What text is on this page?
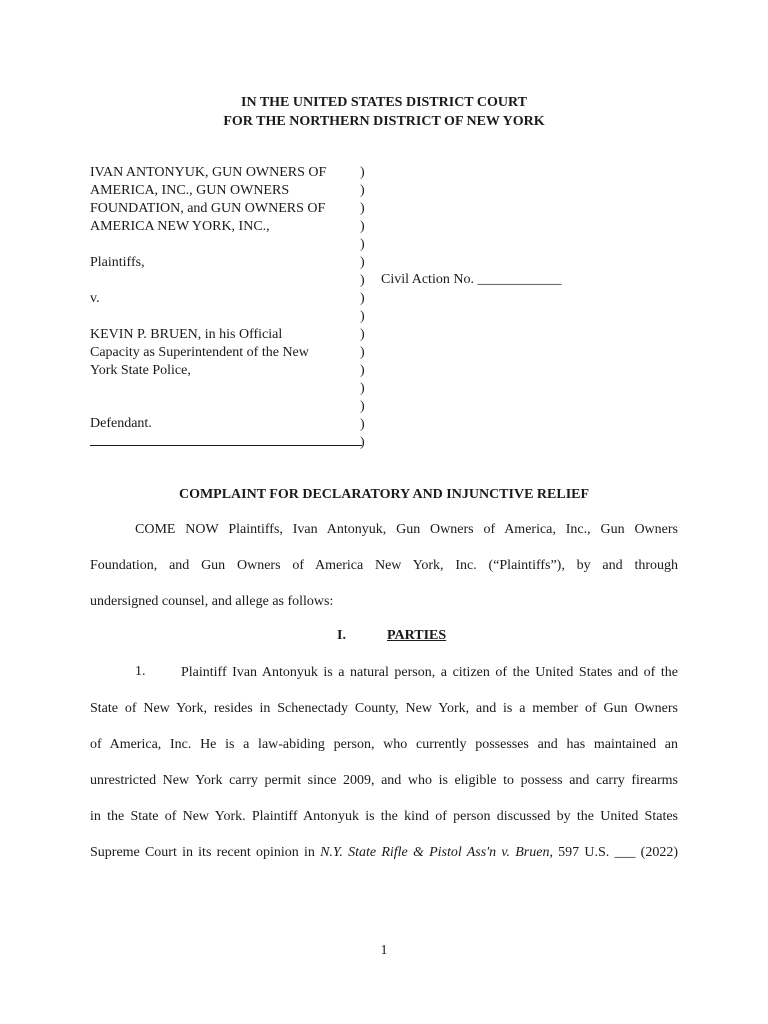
IN THE UNITED STATES DISTRICT COURT
FOR THE NORTHERN DISTRICT OF NEW YORK
IVAN ANTONYUK, GUN OWNERS OF
AMERICA, INC., GUN OWNERS
FOUNDATION, and GUN OWNERS OF
AMERICA NEW YORK, INC.,
Plaintiffs,
v.
KEVIN P. BRUEN, in his Official
Capacity as Superintendent of the New
York State Police,
Defendant.
)
)
)
)
)
)
)
)
)
)
)
)
)
)
)
)
Civil Action No. ____________
COMPLAINT FOR DECLARATORY AND INJUNCTIVE RELIEF
COME NOW Plaintiffs, Ivan Antonyuk, Gun Owners of America, Inc., Gun Owners
Foundation, and Gun Owners of America New York, Inc. (“Plaintiffs”), by and through
undersigned counsel, and allege as follows:
I.	PARTIES
1.	Plaintiff Ivan Antonyuk is a natural person, a citizen of the United States and of the
State of New York, resides in Schenectady County, New York, and is a member of Gun Owners
of America, Inc. He is a law-abiding person, who currently possesses and has maintained an
unrestricted New York carry permit since 2009, and who is eligible to possess and carry firearms
in the State of New York. Plaintiff Antonyuk is the kind of person discussed by the United States
Supreme Court in its recent opinion in N.Y. State Rifle & Pistol Ass'n v. Bruen, 597 U.S. ___ (2022)
1
